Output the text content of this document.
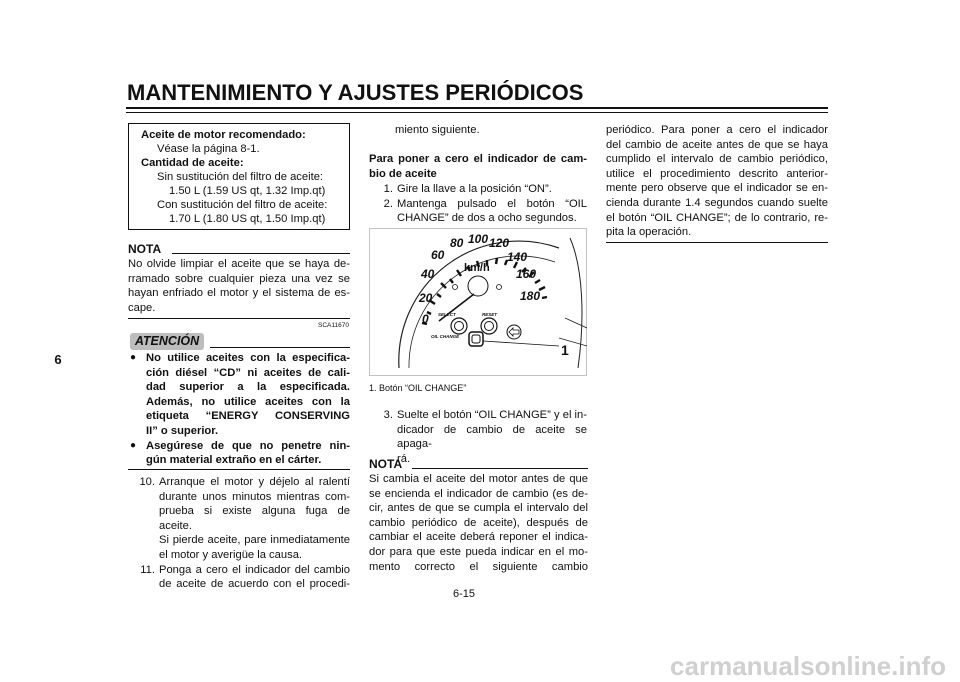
MANTENIMIENTO Y AJUSTES PERIÓDICOS
6
Aceite de motor recomendado:
Véase la página 8-1.
Cantidad de aceite:
Sin sustitución del filtro de aceite:
1.50 L (1.59 US qt, 1.32 Imp.qt)
Con sustitución del filtro de aceite:
1.70 L (1.80 US qt, 1.50 Imp.qt)
NOTA
No olvide limpiar el aceite que se haya de-
rramado sobre cualquier pieza una vez se
hayan enfriado el motor y el sistema de es-
cape.
SCA11670
ATENCIÓN
● No utilice aceites con la especifica-
ción diésel “CD” ni aceites de cali-
dad superior a la especificada.
Además, no utilice aceites con la
etiqueta “ENERGY CONSERVING
II” o superior.
● Asegúrese de que no penetre nin-
gún material extraño en el cárter.
10. Arranque el motor y déjelo al ralentí
durante unos minutos mientras com-
prueba si existe alguna fuga de aceite.
Si pierde aceite, pare inmediatamente
el motor y averigüe la causa.
11. Ponga a cero el indicador del cambio
de aceite de acuerdo con el procedi-
miento siguiente.
Para poner a cero el indicador de cam-
bio de aceite
1. Gire la llave a la posición “ON”.
2. Mantenga pulsado el botón “OIL
CHANGE” de dos a ocho segundos.
0
20
40
60
80 100 120
140
160
180
km/h
SELECT	RESET
OIL CHANGE
1
1. Botón “OIL CHANGE”
3. Suelte el botón “OIL CHANGE” y el in-
dicador de cambio de aceite se apaga-
rá.
NOTA
Si cambia el aceite del motor antes de que
se encienda el indicador de cambio (es de-
cir, antes de que se cumpla el intervalo del
cambio periódico de aceite), después de
cambiar el aceite deberá reponer el indica-
dor para que este pueda indicar en el mo-
mento correcto el siguiente cambio
periódico. Para poner a cero el indicador
del cambio de aceite antes de que se haya
cumplido el intervalo de cambio periódico,
utilice el procedimiento descrito anterior-
mente pero observe que el indicador se en-
cienda durante 1.4 segundos cuando suelte
el botón “OIL CHANGE”; de lo contrario, re-
pita la operación.
6-15
carmanualsonline.info
